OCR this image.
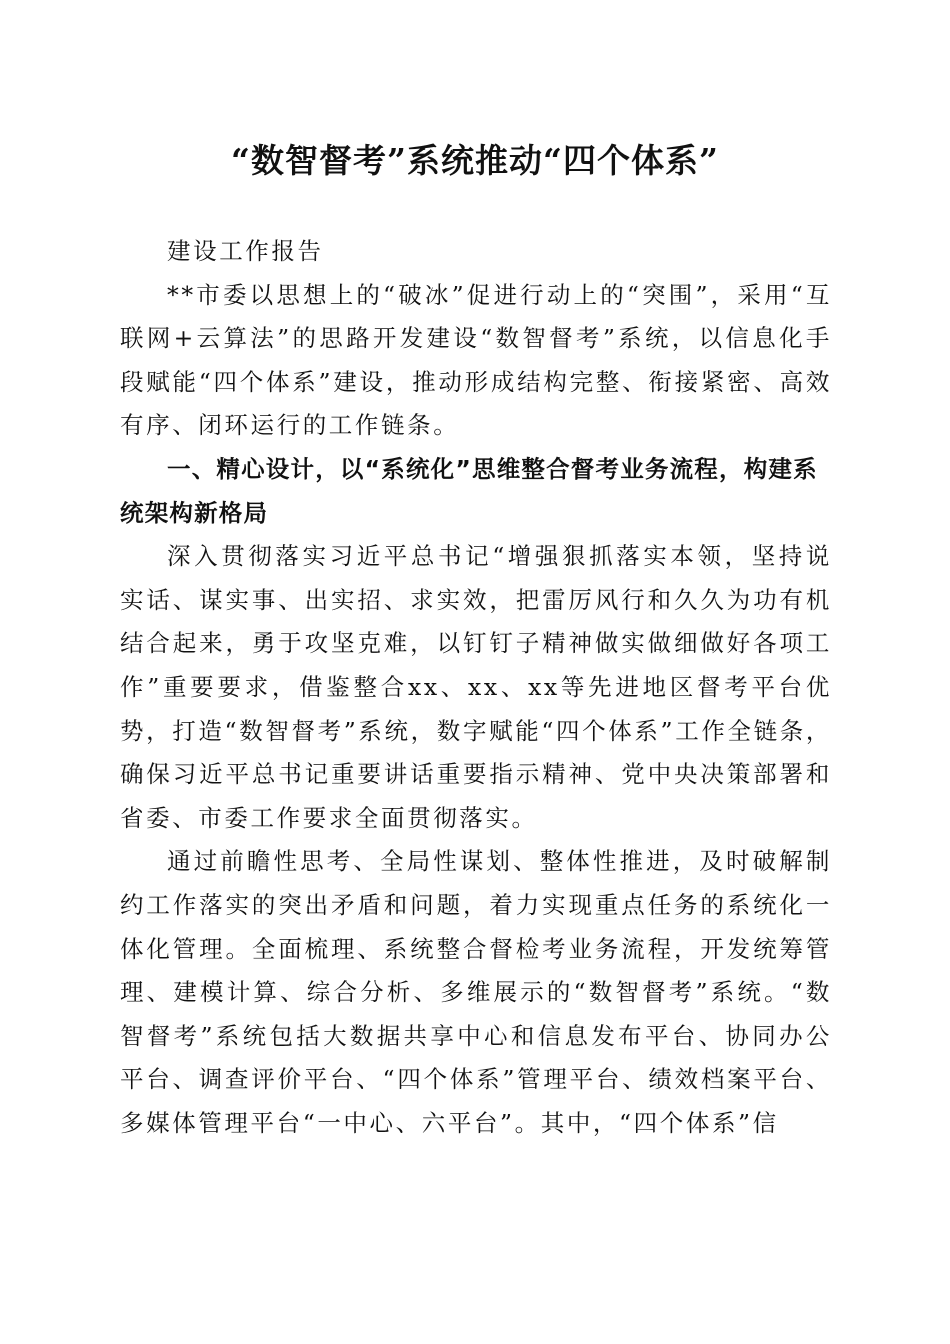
“数智督考”系统推动“四个体系”

建设工作报告

**市委以思想上的“破冰”促进行动上的“突围”，采用“互联网+云算法”的思路开发建设“数智督考”系统，以信息化手段赋能“四个体系”建设，推动形成结构完整、衔接紧密、高效有序、闭环运行的工作链条。

一、精心设计，以“系统化”思维整合督考业务流程，构建系统架构新格局

深入贯彻落实习近平总书记“增强狠抓落实本领，坚持说实话、谋实事、出实招、求实效，把雷厉风行和久久为功有机结合起来，勇于攻坚克难，以钉钉子精神做实做细做好各项工作”重要要求，借鉴整合xx、xx、xx等先进地区督考平台优势，打造“数智督考”系统，数字赋能“四个体系”工作全链条，确保习近平总书记重要讲话重要指示精神、党中央决策部署和省委、市委工作要求全面贯彻落实。

通过前瞻性思考、全局性谋划、整体性推进，及时破解制约工作落实的突出矛盾和问题，着力实现重点任务的系统化一体化管理。全面梳理、系统整合督检考业务流程，开发统筹管理、建模计算、综合分析、多维展示的“数智督考”系统。“数智督考”系统包括大数据共享中心和信息发布平台、协同办公平台、调查评价平台、“四个体系”管理平台、绩效档案平台、多媒体管理平台“一中心、六平台”。其中，“四个体系”信
